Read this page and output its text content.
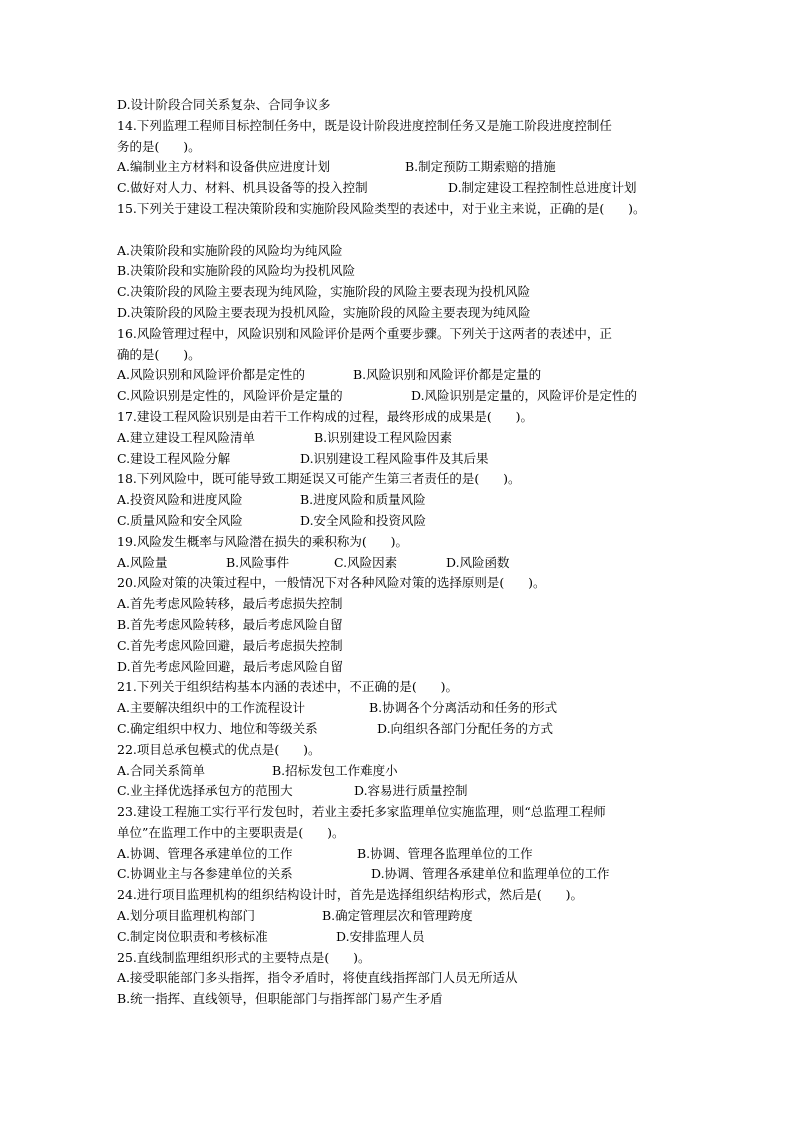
D.设计阶段合同关系复杂、合同争议多
14.下列监理工程师目标控制任务中，既是设计阶段进度控制任务又是施工阶段进度控制任
务的是(      )。

A.编制业主方材料和设备供应进度计划

	B.制定预防工期索赔的措施

C.做好对人力、材料、机具设备等的投入控制

	D.制定建设工程控制性总进度计划

15.下列关于建设工程决策阶段和实施阶段风险类型的表述中，对于业主来说，正确的是(      )。
A.决策阶段和实施阶段的风险均为纯风险
B.决策阶段和实施阶段的风险均为投机风险
C.决策阶段的风险主要表现为纯风险，实施阶段的风险主要表现为投机风险
D.决策阶段的风险主要表现为投机风险，实施阶段的风险主要表现为纯风险
16.风险管理过程中，风险识别和风险评价是两个重要步骤。下列关于这两者的表述中，正
确的是(      )。

A.风险识别和风险评价都是定性的

	B.风险识别和风险评价都是定量的

C.风险识别是定性的，风险评价是定量的

	D.风险识别是定量的，风险评价是定性的

17.建设工程风险识别是由若干工作构成的过程，最终形成的成果是(      )。

A.建立建设工程风险清单

	B.识别建设工程风险因素

C.建设工程风险分解

	D.识别建设工程风险事件及其后果

18.下列风险中，既可能导致工期延误又可能产生第三者责任的是(      )。

A.投资风险和进度风险

	B.进度风险和质量风险

C.质量风险和安全风险

	D.安全风险和投资风险

19.风险发生概率与风险潜在损失的乘积称为(      )。

A.风险量

	B.风险事件

	C.风险因素

	D.风险函数

20.风险对策的决策过程中，一般情况下对各种风险对策的选择原则是(      )。
A.首先考虑风险转移，最后考虑损失控制
B.首先考虑风险转移，最后考虑风险自留
C.首先考虑风险回避，最后考虑损失控制
D.首先考虑风险回避，最后考虑风险自留
21.下列关于组织结构基本内涵的表述中，不正确的是(      )。

A.主要解决组织中的工作流程设计

	B.协调各个分离活动和任务的形式

C.确定组织中权力、地位和等级关系

	D.向组织各部门分配任务的方式

22.项目总承包模式的优点是(      )。

A.合同关系简单

	B.招标发包工作难度小

C.业主择优选择承包方的范围大

	D.容易进行质量控制

23.建设工程施工实行平行发包时，若业主委托多家监理单位实施监理，则“总监理工程师
单位”在监理工作中的主要职责是(      )。

A.协调、管理各承建单位的工作

	B.协调、管理各监理单位的工作

C.协调业主与各参建单位的关系

	D.协调、管理各承建单位和监理单位的工作

24.进行项目监理机构的组织结构设计时，首先是选择组织结构形式，然后是(      )。

A.划分项目监理机构部门

	B.确定管理层次和管理跨度

C.制定岗位职责和考核标准

	D.安排监理人员

25.直线制监理组织形式的主要特点是(      )。
A.接受职能部门多头指挥，指令矛盾时，将使直线指挥部门人员无所适从
B.统一指挥、直线领导，但职能部门与指挥部门易产生矛盾
